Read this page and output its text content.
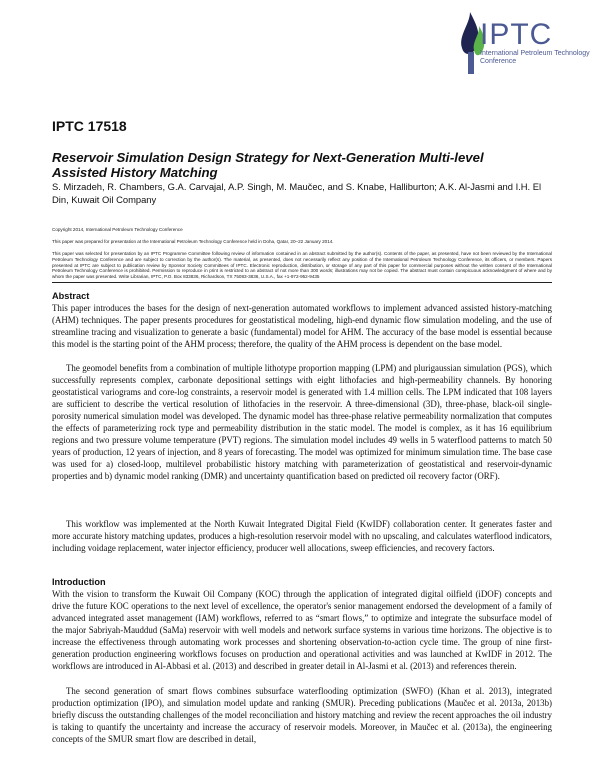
IPTC
International Petroleum Technology Conference
IPTC 17518
Reservoir Simulation Design Strategy for Next-Generation Multi-level Assisted History Matching
S. Mirzadeh, R. Chambers, G.A. Carvajal, A.P. Singh, M. Maučec, and S. Knabe, Halliburton; A.K. Al-Jasmi and I.H. El Din, Kuwait Oil Company
Copyright 2014, International Petroleum Technology Conference
This paper was prepared for presentation at the International Petroleum Technology Conference held in Doha, Qatar, 20–22 January 2014.
This paper was selected for presentation by an IPTC Programme Committee following review of information contained in an abstract submitted by the author(s). Contents of the paper, as presented, have not been reviewed by the International Petroleum Technology Conference and are subject to correction by the author(s). The material, as presented, does not necessarily reflect any position of the International Petroleum Technology Conference, its officers, or members. Papers presented at IPTC are subject to publication review by Sponsor Society Committees of IPTC. Electronic reproduction, distribution, or storage of any part of this paper for commercial purposes without the written consent of the International Petroleum Technology Conference is prohibited. Permission to reproduce in print is restricted to an abstract of not more than 300 words; illustrations may not be copied. The abstract must contain conspicuous acknowledgment of where and by whom the paper was presented. Write Librarian, IPTC, P.O. Box 833836, Richardson, TX 75083-3836, U.S.A., fax +1-972-952-9435
Abstract
This paper introduces the bases for the design of next-generation automated workflows to implement advanced assisted history-matching (AHM) techniques. The paper presents procedures for geostatistical modeling, high-end dynamic flow simulation modeling, and the use of streamline tracing and visualization to generate a basic (fundamental) model for AHM. The accuracy of the base model is essential because this model is the starting point of the AHM process; therefore, the quality of the AHM process is dependent on the base model.
The geomodel benefits from a combination of multiple lithotype proportion mapping (LPM) and plurigaussian simulation (PGS), which successfully represents complex, carbonate depositional settings with eight lithofacies and high-permeability channels. By honoring geostatistical variograms and core-log constraints, a reservoir model is generated with 1.4 million cells. The LPM indicated that 108 layers are sufficient to describe the vertical resolution of lithofacies in the reservoir. A three-dimensional (3D), three-phase, black-oil single-porosity numerical simulation model was developed. The dynamic model has three-phase relative permeability normalization that computes the effects of parameterizing rock type and permeability distribution in the static model. The model is complex, as it has 16 equilibrium regions and two pressure volume temperature (PVT) regions. The simulation model includes 49 wells in 5 waterflood patterns to match 50 years of production, 12 years of injection, and 8 years of forecasting. The model was optimized for minimum simulation time. The base case was used for a) closed-loop, multilevel probabilistic history matching with parameterization of geostatistical and reservoir-dynamic properties and b) dynamic model ranking (DMR) and uncertainty quantification based on predicted oil recovery factor (ORF).
This workflow was implemented at the North Kuwait Integrated Digital Field (KwIDF) collaboration center. It generates faster and more accurate history matching updates, produces a high-resolution reservoir model with no upscaling, and calculates waterflood indicators, including voidage replacement, water injector efficiency, producer well allocations, sweep efficiencies, and recovery factors.
Introduction
With the vision to transform the Kuwait Oil Company (KOC) through the application of integrated digital oilfield (iDOF) concepts and drive the future KOC operations to the next level of excellence, the operator's senior management endorsed the development of a family of advanced integrated asset management (IAM) workflows, referred to as “smart flows,” to optimize and integrate the subsurface model of the major Sabriyah-Mauddud (SaMa) reservoir with well models and network surface systems in various time horizons. The objective is to increase the effectiveness through automating work processes and shortening observation-to-action cycle time. The group of nine first-generation production engineering workflows focuses on production and operational activities and was launched at KwIDF in 2012. The workflows are introduced in Al-Abbasi et al. (2013) and described in greater detail in Al-Jasmi et al. (2013) and references therein.
The second generation of smart flows combines subsurface waterflooding optimization (SWFO) (Khan et al. 2013), integrated production optimization (IPO), and simulation model update and ranking (SMUR). Preceding publications (Maučec et al. 2013a, 2013b) briefly discuss the outstanding challenges of the model reconciliation and history matching and review the recent approaches the oil industry is taking to quantify the uncertainty and increase the accuracy of reservoir models. Moreover, in Maučec et al. (2013a), the engineering concepts of the SMUR smart flow are described in detail,
